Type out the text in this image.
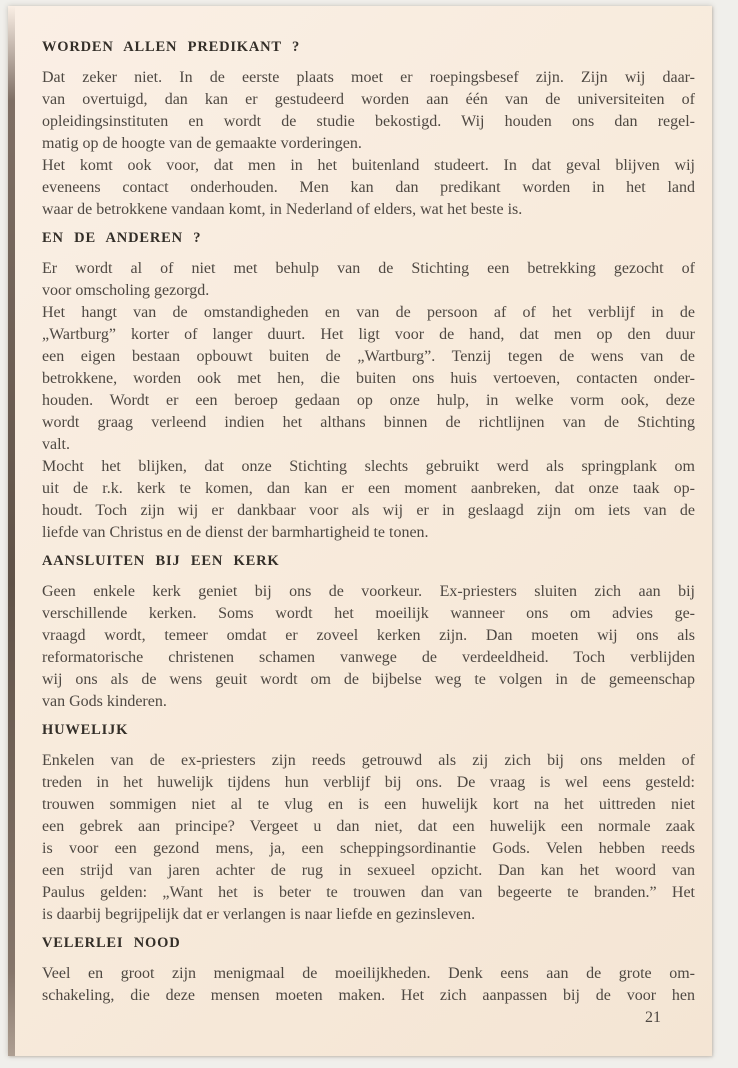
WORDEN ALLEN PREDIKANT ?
Dat zeker niet. In de eerste plaats moet er roepingsbesef zijn. Zijn wij daar-
van overtuigd, dan kan er gestudeerd worden aan één van de universiteiten of
opleidingsinstituten en wordt de studie bekostigd. Wij houden ons dan regel-
matig op de hoogte van de gemaakte vorderingen.
Het komt ook voor, dat men in het buitenland studeert. In dat geval blijven wij
eveneens contact onderhouden. Men kan dan predikant worden in het land
waar de betrokkene vandaan komt, in Nederland of elders, wat het beste is.
EN DE ANDEREN ?
Er wordt al of niet met behulp van de Stichting een betrekking gezocht of
voor omscholing gezorgd.
Het hangt van de omstandigheden en van de persoon af of het verblijf in de
„Wartburg” korter of langer duurt. Het ligt voor de hand, dat men op den duur
een eigen bestaan opbouwt buiten de „Wartburg”. Tenzij tegen de wens van de
betrokkene, worden ook met hen, die buiten ons huis vertoeven, contacten onder-
houden. Wordt er een beroep gedaan op onze hulp, in welke vorm ook, deze
wordt graag verleend indien het althans binnen de richtlijnen van de Stichting
valt.
Mocht het blijken, dat onze Stichting slechts gebruikt werd als springplank om
uit de r.k. kerk te komen, dan kan er een moment aanbreken, dat onze taak op-
houdt. Toch zijn wij er dankbaar voor als wij er in geslaagd zijn om iets van de
liefde van Christus en de dienst der barmhartigheid te tonen.
AANSLUITEN BIJ EEN KERK
Geen enkele kerk geniet bij ons de voorkeur. Ex-priesters sluiten zich aan bij
verschillende kerken. Soms wordt het moeilijk wanneer ons om advies ge-
vraagd wordt, temeer omdat er zoveel kerken zijn. Dan moeten wij ons als
reformatorische christenen schamen vanwege de verdeeldheid. Toch verblijden
wij ons als de wens geuit wordt om de bijbelse weg te volgen in de gemeenschap
van Gods kinderen.
HUWELIJK
Enkelen van de ex-priesters zijn reeds getrouwd als zij zich bij ons melden of
treden in het huwelijk tijdens hun verblijf bij ons. De vraag is wel eens gesteld:
trouwen sommigen niet al te vlug en is een huwelijk kort na het uittreden niet
een gebrek aan principe? Vergeet u dan niet, dat een huwelijk een normale zaak
is voor een gezond mens, ja, een scheppingsordinantie Gods. Velen hebben reeds
een strijd van jaren achter de rug in sexueel opzicht. Dan kan het woord van
Paulus gelden: „Want het is beter te trouwen dan van begeerte te branden.” Het
is daarbij begrijpelijk dat er verlangen is naar liefde en gezinsleven.
VELERLEI NOOD
Veel en groot zijn menigmaal de moeilijkheden. Denk eens aan de grote om-
schakeling, die deze mensen moeten maken. Het zich aanpassen bij de voor hen
21
